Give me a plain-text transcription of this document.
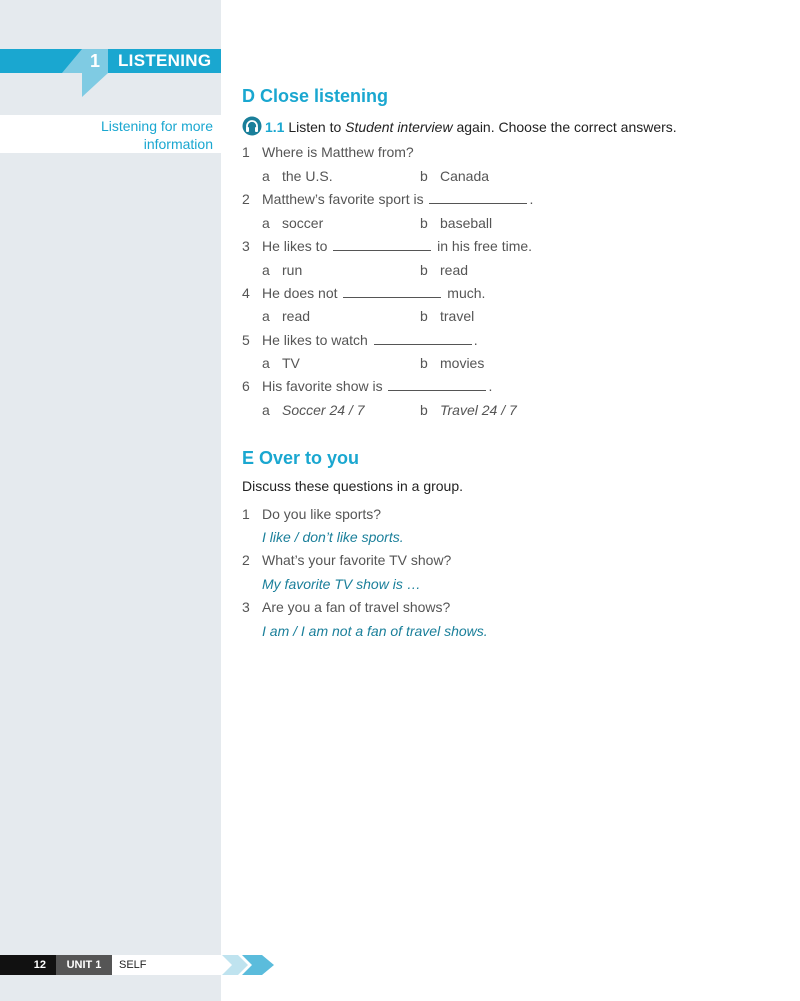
1	LISTENING
Listening for more information
D Close listening
1.1 Listen to Student interview again. Choose the correct answers.
1 Where is Matthew from?
a the U.S.	b Canada
2 Matthew’s favorite sport is	.
a soccer	b baseball
3 He likes to	in his free time.
a run	b read
4 He does not	much.
a read	b travel
5 He likes to watch	.
a TV	b movies
6 His favorite show is	.
a Soccer 24 / 7	b Travel 24 / 7
E Over to you
Discuss these questions in a group.
1 Do you like sports?
I like / don’t like sports.
2 What’s your favorite TV show?
My favorite TV show is …
3 Are you a fan of travel shows?
I am / I am not a fan of travel shows.
12	UNIT 1	SELF
